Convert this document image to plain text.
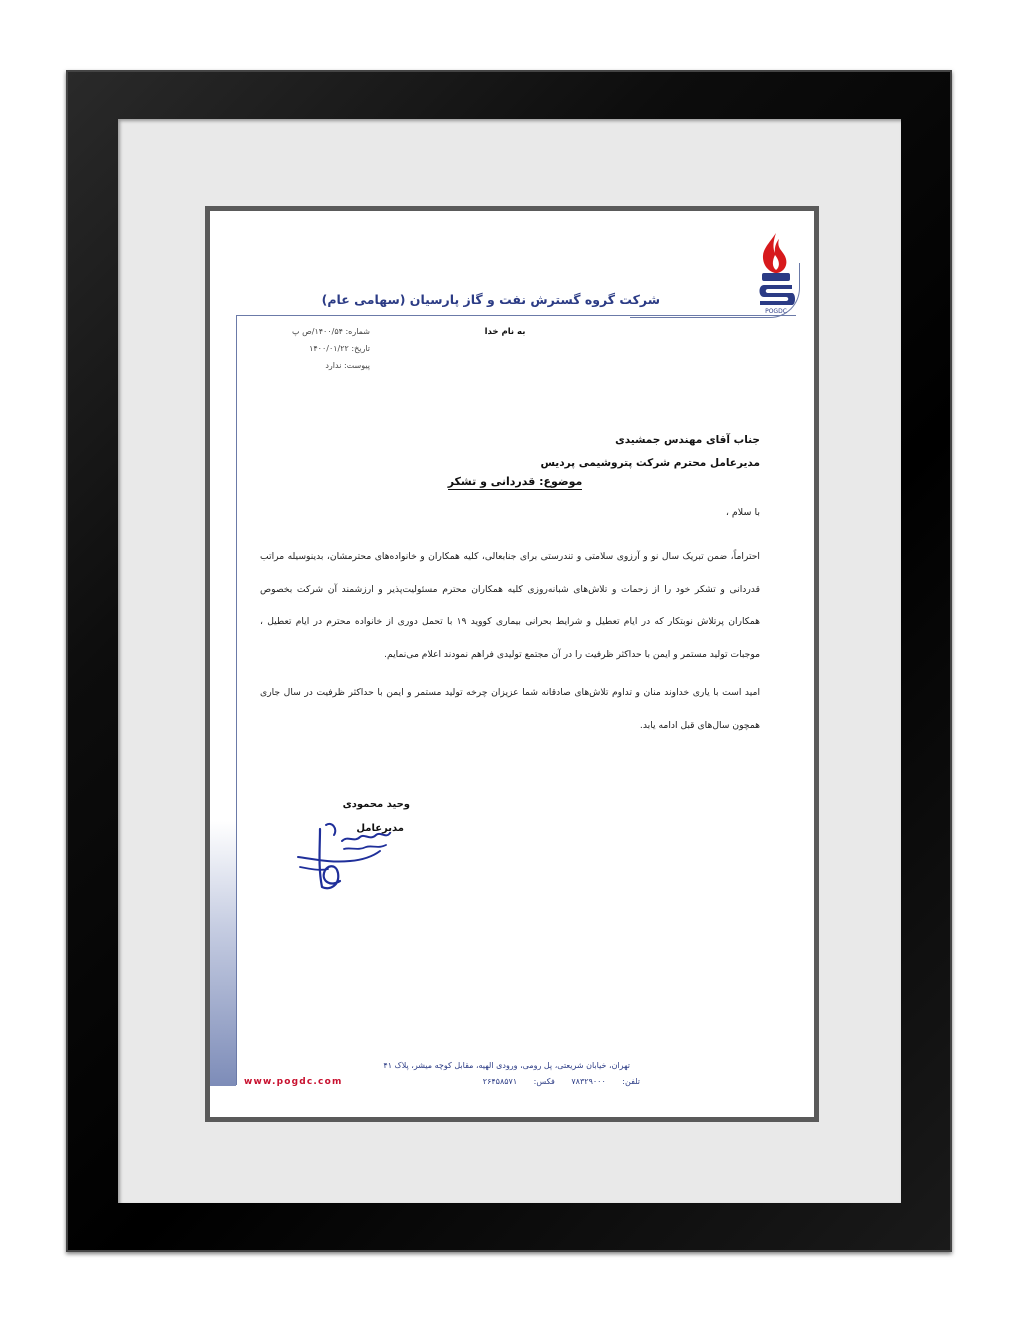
POGDC
شرکت گروه گسترش نفت و گاز پارسیان (سهامی عام)
به نام خدا
شماره: ۱۴۰۰/۵۴/ص پ
تاریخ: ۱۴۰۰/۰۱/۲۲
پیوست: ندارد
جناب آقای مهندس جمشیدی
مدیرعامل محترم شرکت پتروشیمی پردیس
موضوع: قدردانی و تشکر
با سلام ،

احتراماً، ضمن تبریک سال نو و آرزوی سلامتی و تندرستی برای جنابعالی، کلیه همکاران و خانواده‌های محترمشان، بدینوسیله مراتب قدردانی و تشکر خود را از زحمات و تلاش‌های شبانه‌روزی کلیه همکاران محترم مسئولیت‌پذیر و ارزشمند آن شرکت بخصوص همکاران پرتلاش نوبتکار که در ایام تعطیل و شرایط بحرانی بیماری کووید ۱۹ با تحمل دوری از خانواده محترم در ایام تعطیل ، موجبات تولید مستمر و ایمن با حداکثر ظرفیت را در آن مجتمع تولیدی فراهم نمودند اعلام می‌نمایم.

امید است با یاری خداوند منان و تداوم تلاش‌های صادقانه شما عزیزان چرخه تولید مستمر و ایمن با حداکثر ظرفیت در سال جاری همچون سال‌های قبل ادامه یابد.

وحید محمودی
مدیرعامل
تهران، خیابان شریعتی، پل رومی، ورودی الهیه، مقابل کوچه میشر، پلاک ۴۱
تلفن: ۷۸۳۲۹۰۰۰ فکس: ۲۶۴۵۸۵۷۱
www.pogdc.com
